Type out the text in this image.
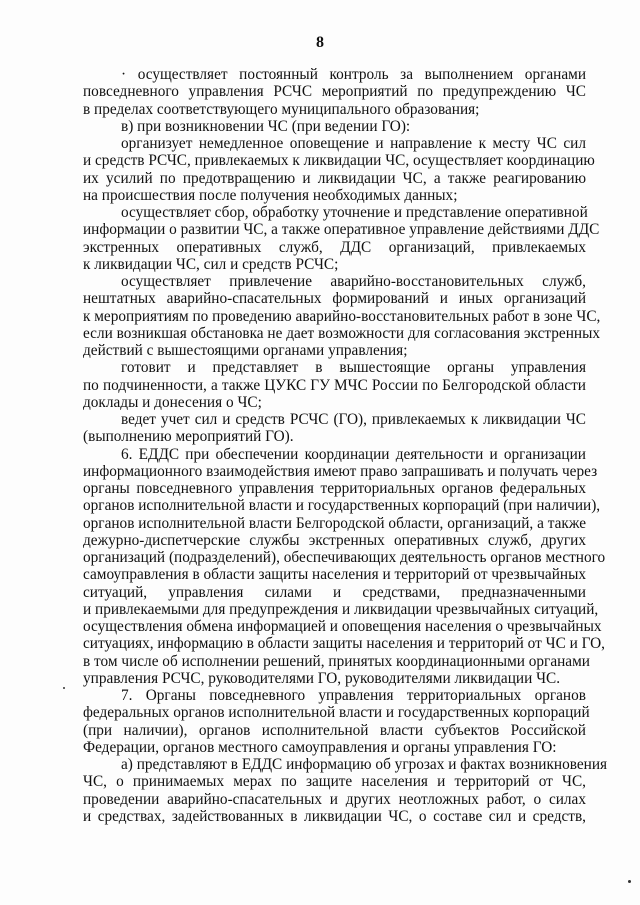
8
· осуществляет постоянный контроль за выполнением органами
повседневного управления РСЧС мероприятий по предупреждению ЧС
в пределах соответствующего муниципального образования;
в) при возникновении ЧС (при ведении ГО):
организует немедленное оповещение и направление к месту ЧС сил
и средств РСЧС, привлекаемых к ликвидации ЧС, осуществляет координацию
их усилий по предотвращению и ликвидации ЧС, а также реагированию
на происшествия после получения необходимых данных;
осуществляет сбор, обработку уточнение и представление оперативной
информации о развитии ЧС, а также оперативное управление действиями ДДС
экстренных оперативных служб, ДДС организаций, привлекаемых
к ликвидации ЧС, сил и средств РСЧС;
осуществляет привлечение аварийно-восстановительных служб,
нештатных аварийно-спасательных формирований и иных организаций
к мероприятиям по проведению аварийно-восстановительных работ в зоне ЧС,
если возникшая обстановка не дает возможности для согласования экстренных
действий с вышестоящими органами управления;
готовит и представляет в вышестоящие органы управления
по подчиненности, а также ЦУКС ГУ МЧС России по Белгородской области
доклады и донесения о ЧС;
ведет учет сил и средств РСЧС (ГО), привлекаемых к ликвидации ЧС
(выполнению мероприятий ГО).
6. ЕДДС при обеспечении координации деятельности и организации
информационного взаимодействия имеют право запрашивать и получать через
органы повседневного управления территориальных органов федеральных
органов исполнительной власти и государственных корпораций (при наличии),
органов исполнительной власти Белгородской области, организаций, а также
дежурно-диспетчерские службы экстренных оперативных служб, других
организаций (подразделений), обеспечивающих деятельность органов местного
самоуправления в области защиты населения и территорий от чрезвычайных
ситуаций, управления силами и средствами, предназначенными
и привлекаемыми для предупреждения и ликвидации чрезвычайных ситуаций,
осуществления обмена информацией и оповещения населения о чрезвычайных
ситуациях, информацию в области защиты населения и территорий от ЧС и ГО,
в том числе об исполнении решений, принятых координационными органами
управления РСЧС, руководителями ГО, руководителями ликвидации ЧС.
7. Органы повседневного управления территориальных органов
федеральных органов исполнительной власти и государственных корпораций
(при наличии), органов исполнительной власти субъектов Российской
Федерации, органов местного самоуправления и органы управления ГО:
а) представляют в ЕДДС информацию об угрозах и фактах возникновения
ЧС, о принимаемых мерах по защите населения и территорий от ЧС,
проведении аварийно-спасательных и других неотложных работ, о силах
и средствах, задействованных в ликвидации ЧС, о составе сил и средств,
